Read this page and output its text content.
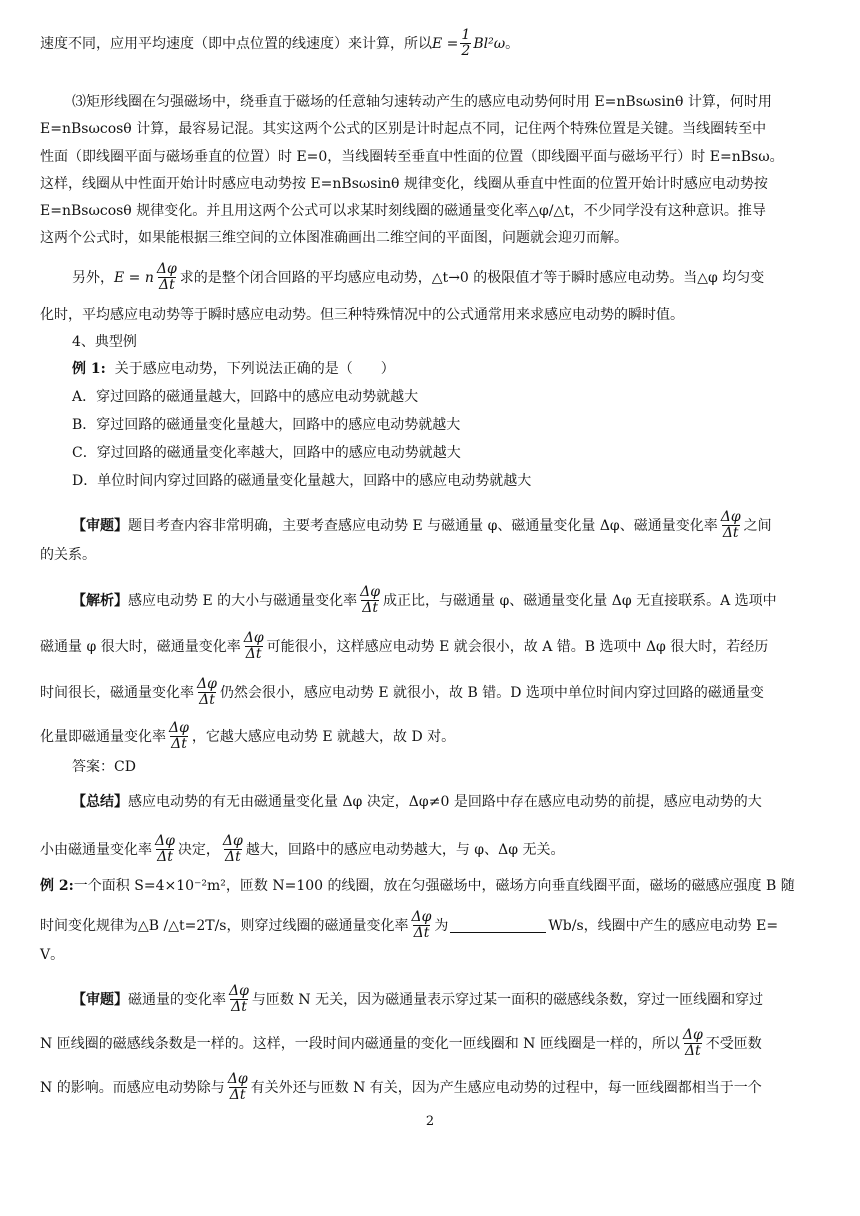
速度不同，应用平均速度（即中点位置的线速度）来计算，所以 $E = \frac{1}{2} Bl^2\omega$ 。
⑶矩形线圈在匀强磁场中，绕垂直于磁场的任意轴匀速转动产生的感应电动势何时用 E=nBsωsinθ 计算，何时用
E=nBsωcosθ 计算，最容易记混。其实这两个公式的区别是计时起点不同，记住两个特殊位置是关键。当线圈转至中
性面（即线圈平面与磁场垂直的位置）时 E=0，当线圈转至垂直中性面的位置（即线圈平面与磁场平行）时 E=nBsω。
这样，线圈从中性面开始计时感应电动势按 E=nBsωsinθ 规律变化，线圈从垂直中性面的位置开始计时感应电动势按
E=nBsωcosθ 规律变化。并且用这两个公式可以求某时刻线圈的磁通量变化率△φ/△t，不少同学没有这种意识。推导
这两个公式时，如果能根据三维空间的立体图准确画出二维空间的平面图，问题就会迎刃而解。
另外， E = n $\frac{\Delta\varphi}{\Delta t}$ 求的是整个闭合回路的平均感应电动势，△t→0 的极限值才等于瞬时感应电动势。当△φ 均匀变
化时，平均感应电动势等于瞬时感应电动势。但三种特殊情况中的公式通常用来求感应电动势的瞬时值。
4、典型例
例 1:
关于感应电动势，下列说法正确的是（　　）
A．穿过回路的磁通量越大，回路中的感应电动势就越大
B．穿过回路的磁通量变化量越大，回路中的感应电动势就越大
C．穿过回路的磁通量变化率越大，回路中的感应电动势就越大
D．单位时间内穿过回路的磁通量变化量越大，回路中的感应电动势就越大
【审题】 题目考查内容非常明确，主要考查感应电动势 E 与磁通量 φ、磁通量变化量 Δφ、磁通量变化率 $\frac{\Delta\varphi}{\Delta t}$ 之间
的关系。
【解析】 感应电动势 E 的大小与磁通量变化率 $\frac{\Delta\varphi}{\Delta t}$ 成正比，与磁通量 φ、磁通量变化量 Δφ 无直接联系。A 选项中
磁通量 φ 很大时，磁通量变化率 $\frac{\Delta\varphi}{\Delta t}$ 可能很小，这样感应电动势 E 就会很小，故 A 错。B 选项中 Δφ 很大时，若经历
时间很长，磁通量变化率 $\frac{\Delta\varphi}{\Delta t}$ 仍然会很小，感应电动势 E 就很小，故 B 错。D 选项中单位时间内穿过回路的磁通量变
化量即磁通量变化率 $\frac{\Delta\varphi}{\Delta t}$ ，它越大感应电动势 E 就越大，故 D 对。
答案：CD
【总结】 感应电动势的有无由磁通量变化量 Δφ 决定，Δφ≠0 是回路中存在感应电动势的前提，感应电动势的大
小由磁通量变化率 $\frac{\Delta\varphi}{\Delta t}$ 决定， $\frac{\Delta\varphi}{\Delta t}$ 越大，回路中的感应电动势越大，与 φ、Δφ 无关。
例 2: 一个面积 S=4×10⁻²m²，匝数 N=100 的线圈，放在匀强磁场中，磁场方向垂直线圈平面，磁场的磁感应强度 B 随
时间变化规律为△B /△t=2T/s，则穿过线圈的磁通量变化率 $\frac{\Delta\varphi}{\Delta t}$ 为	Wb/s，线圈中产生的感应电动势 E=
V。
【审题】 磁通量的变化率 $\frac{\Delta\varphi}{\Delta t}$ 与匝数 N 无关，因为磁通量表示穿过某一面积的磁感线条数，穿过一匝线圈和穿过
N 匝线圈的磁感线条数是一样的。这样，一段时间内磁通量的变化一匝线圈和 N 匝线圈是一样的，所以 $\frac{\Delta\varphi}{\Delta t}$ 不受匝数
N 的影响。而感应电动势除与 $\frac{\Delta\varphi}{\Delta t}$ 有关外还与匝数 N 有关，因为产生感应电动势的过程中，每一匝线圈都相当于一个
2
